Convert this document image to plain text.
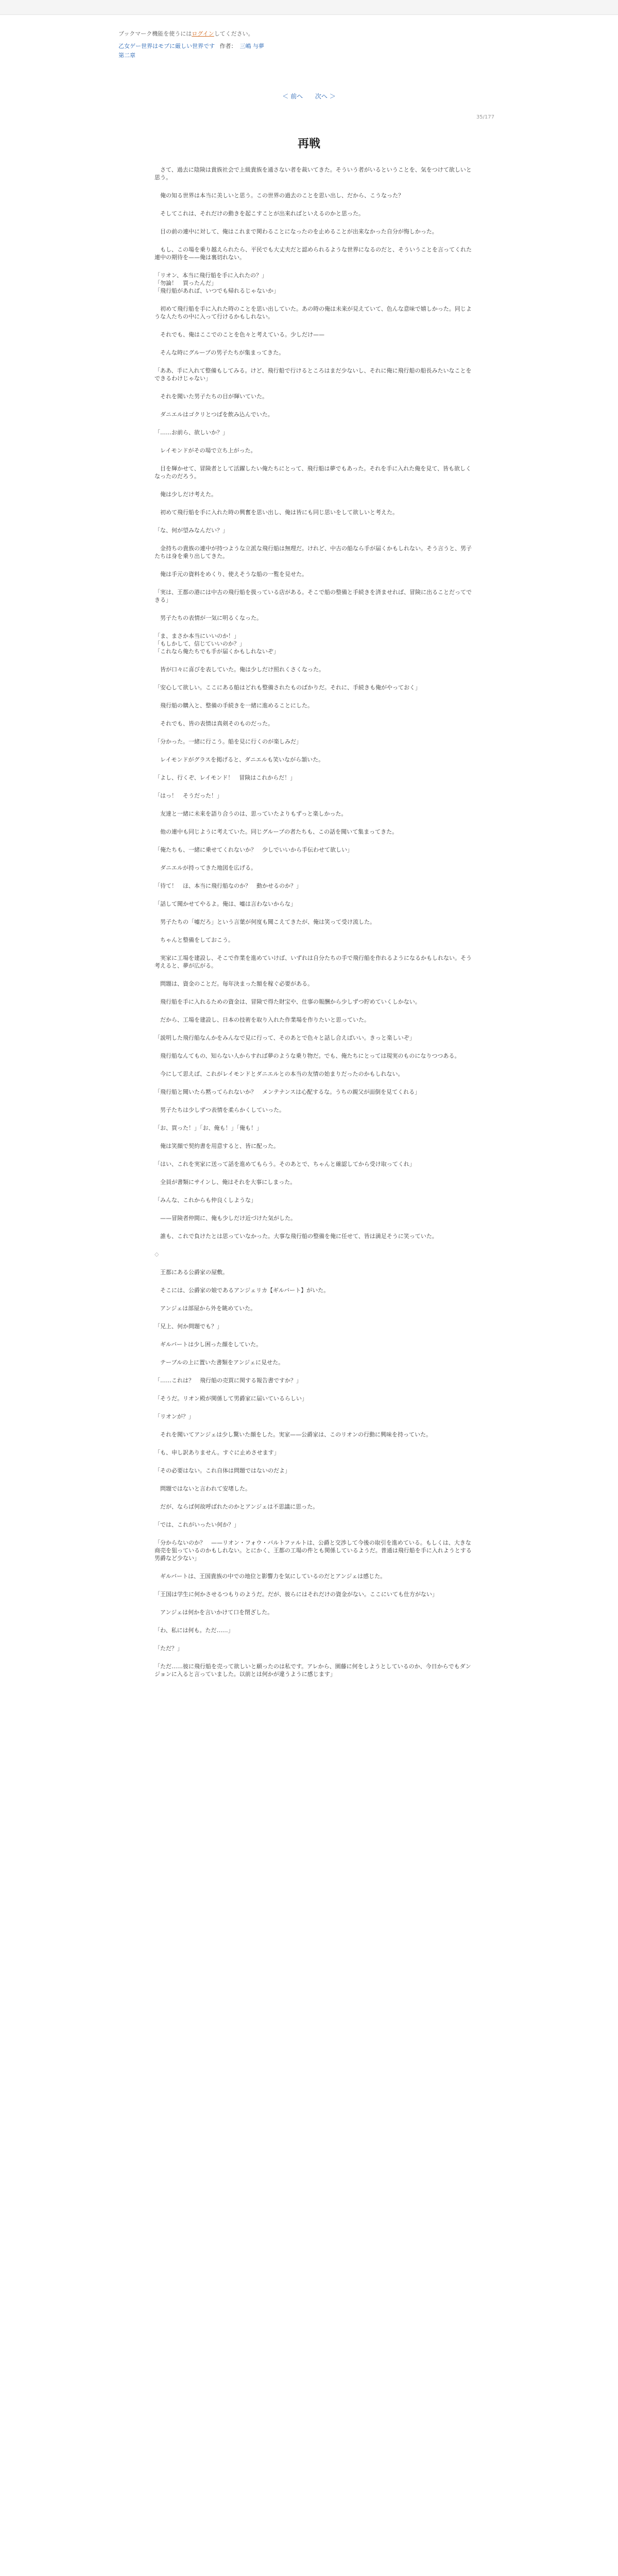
ブックマーク機能を使うにはログインしてください。
乙女ゲー世界はモブに厳しい世界です 作者： 三嶋 与夢
第二章
＜ 前へ 次へ ＞
35/177
再戦

さて、過去に陰険は貴族社会で上級貴族を通さない者を裁いてきた。そういう者がいるということを、気をつけて欲しいと思う。

俺の知る世界は本当に美しいと思う。この世界の過去のことを思い出し、だから、こうなった？

そしてこれは、それだけの動きを起こすことが出来ればといえるのかと思った。

目の前の連中に対して、俺はこれまで関わることになったのを止めることが出来なかった自分が悔しかった。

もし、この場を乗り越えられたら、平民でも大丈夫だと認められるような世界になるのだと、そういうことを言ってくれた連中の期待を——俺は裏切れない。

「リオン、本当に飛行船を手に入れたの？」
「勿論！　買ったんだ」
「飛行船があれば、いつでも帰れるじゃないか」

初めて飛行船を手に入れた時のことを思い出していた。あの時の俺は未来が見えていて、色んな意味で嬉しかった。同じような人たちの中に入って行けるかもしれない。

それでも、俺はここでのことを色々と考えている。少しだけ——

そんな時にグループの男子たちが集まってきた。

「ああ、手に入れて整備もしてみる。けど、飛行船で行けるところはまだ少ないし、それに俺に飛行船の船長みたいなことをできるわけじゃない」

それを聞いた男子たちの目が輝いていた。

ダニエルはゴクリとつばを飲み込んでいた。

「……お前ら、欲しいか？」

レイモンドがその場で立ち上がった。

目を輝かせて、冒険者として活躍したい俺たちにとって、飛行船は夢でもあった。それを手に入れた俺を見て、皆も欲しくなったのだろう。

俺は少しだけ考えた。

初めて飛行船を手に入れた時の興奮を思い出し、俺は皆にも同じ思いをして欲しいと考えた。

「な、何が望みなんだい？」

金持ちの貴族の連中が持つような立派な飛行船は無理だ。けれど、中古の船なら手が届くかもしれない。そう言うと、男子たちは身を乗り出してきた。

俺は手元の資料をめくり、使えそうな船の一覧を見せた。

「実は、王都の港には中古の飛行船を扱っている店がある。そこで船の整備と手続きを済ませれば、冒険に出ることだってできる」

男子たちの表情が一気に明るくなった。

「ま、まさか本当にいいのか！」
「もしかして、信じていいのか？」
「これなら俺たちでも手が届くかもしれないぞ」

皆が口々に喜びを表していた。俺は少しだけ照れくさくなった。

「安心して欲しい。ここにある船はどれも整備されたものばかりだ。それに、手続きも俺がやっておく」

飛行船の購入と、整備の手続きを一緒に進めることにした。

それでも、皆の表情は真剣そのものだった。

「分かった。一緒に行こう。船を見に行くのが楽しみだ」

レイモンドがグラスを掲げると、ダニエルも笑いながら頷いた。

「よし、行くぞ、レイモンド！　冒険はこれからだ！」

「はっ！　そうだった！」

友達と一緒に未来を語り合うのは、思っていたよりもずっと楽しかった。

他の連中も同じように考えていた。同じグループの者たちも、この話を聞いて集まってきた。

「俺たちも、一緒に乗せてくれないか？　少しでいいから手伝わせて欲しい」

ダニエルが持ってきた地図を広げる。

「待て！　ほ、本当に飛行船なのか？　動かせるのか？」

「話して聞かせてやるよ。俺は、嘘は言わないからな」

男子たちの「嘘だろ」という言葉が何度も聞こえてきたが、俺は笑って受け流した。

ちゃんと整備をしておこう。

実家に工場を建設し、そこで作業を進めていけば、いずれは自分たちの手で飛行船を作れるようになるかもしれない。そう考えると、夢が広がる。

問題は、資金のことだ。毎年決まった額を稼ぐ必要がある。

飛行船を手に入れるための資金は、冒険で得た財宝や、仕事の報酬から少しずつ貯めていくしかない。

だから、工場を建設し、日本の技術を取り入れた作業場を作りたいと思っていた。

「説明した飛行船なんかをみんなで見に行って、そのあとで色々と話し合えばいい。きっと楽しいぞ」

飛行船なんてもの、知らない人からすれば夢のような乗り物だ。でも、俺たちにとっては現実のものになりつつある。

今にして思えば、これがレイモンドとダニエルとの本当の友情の始まりだったのかもしれない。

「飛行船と聞いたら黙ってられないか？　メンテナンスは心配するな。うちの親父が面倒を見てくれる」

男子たちは少しずつ表情を柔らかくしていった。

「お、買った！」「お、俺も！」「俺も！」

俺は笑顔で契約書を用意すると、皆に配った。

「はい、これを実家に送って話を進めてもらう。そのあとで、ちゃんと確認してから受け取ってくれ」

全員が書類にサインし、俺はそれを大事にしまった。

「みんな、これからも仲良くしような」

——冒険者仲間に、俺も少しだけ近づけた気がした。

誰も、これで負けたとは思っていなかった。大事な飛行船の整備を俺に任せて、皆は満足そうに笑っていた。

◇

王都にある公爵家の屋敷。

そこには、公爵家の娘であるアンジェリカ【ギルバート】がいた。

アンジェは部屋から外を眺めていた。

「兄上、何か問題でも？」

ギルバートは少し困った顔をしていた。

テーブルの上に置いた書類をアンジェに見せた。

「……これは？　飛行船の売買に関する報告書ですか？」

「そうだ。リオン殿が関係して男爵家に届いているらしい」

「リオンが？」

それを聞いてアンジェは少し驚いた顔をした。実家——公爵家は、このリオンの行動に興味を持っていた。

「も、申し訳ありません。すぐに止めさせます」

「その必要はない。これ自体は問題ではないのだよ」

問題ではないと言われて安堵した。

だが、ならば何故呼ばれたのかとアンジェは不思議に思った。

「では、これがいったい何か？」

「分からないのか？　——リオン・フォウ・バルトファルトは、公爵と交渉して今後の取引を進めている。もしくは、大きな商売を狙っているのかもしれない。とにかく、王都の工場の件とも関係しているようだ。普通は飛行船を手に入れようとする男爵など少ない」

ギルバートは、王国貴族の中での地位と影響力を気にしているのだとアンジェは感じた。

「王国は学生に何かさせるつもりのようだ。だが、彼らにはそれだけの資金がない。ここにいても仕方がない」

アンジェは何かを言いかけて口を閉ざした。

「わ、私には何も。ただ……」

「ただ？」

「ただ……彼に飛行船を売って欲しいと願ったのは私です。アレから、園藤に何をしようとしているのか、今日からでもダンジョンに入ると言っていました。以前とは何かが違うように感じます」
